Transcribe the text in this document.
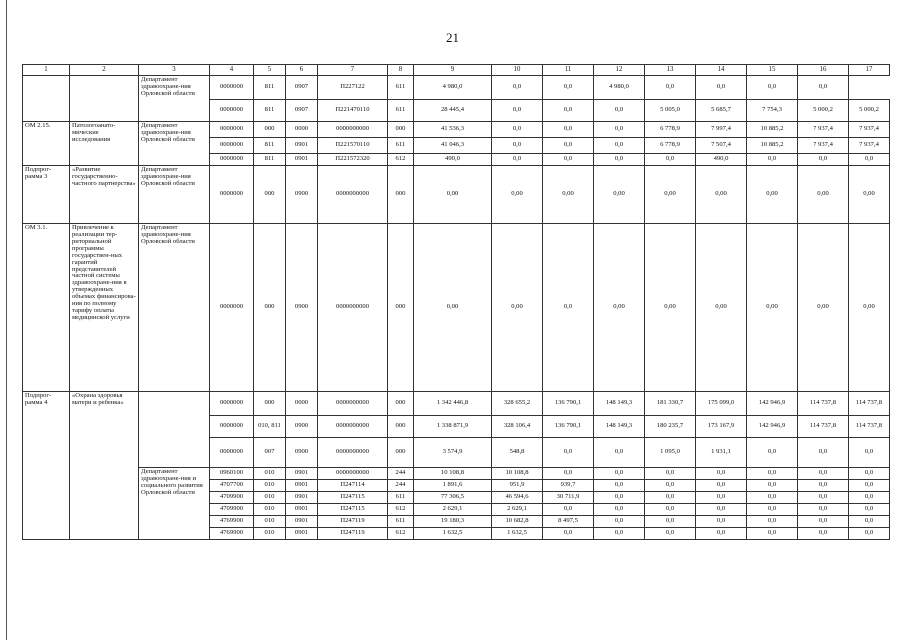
21
1	2	3	4	5	6	7	8	9	10	11	12	13	14	15	16	17
		Департамент здравоохране-ния Орловской области	0000000	811	0907	П227122	611	4 980,0	0,0	0,0	4 980,0	0,0	0,0	0,0	0,0	
			0000000	811	0907	П221470110	611	28 445,4	0,0	0,0	0,0	5 005,0	5 685,7	7 754,3	5 000,2	5 000,2
ОМ 2.15.	Патологоанато-мические исследования	Департамент здравоохране-ния Орловской области	0000000	000	0000	0000000000	000	41 536,3	0,0	0,0	0,0	6 778,9	7 997,4	10 885,2	7 937,4	7 937,4
			0000000	811	0901	П221570110	611	41 046,3	0,0	0,0	0,0	6 778,9	7 507,4	10 885,2	7 937,4	7 937,4
			0000000	811	0901	П221572320	612	490,0	0,0	0,0	0,0	0,0	490,0	0,0	0,0	0,0
Подпрог-рамма 3	«Развитие государственно-частного партнерства»	Департамент здравоохране-ния Орловской области	0000000	000	0900	0000000000	000	0,00	0,00	0,00	0,00	0,00	0,00	0,00	0,00	0,00
ОМ 3.1.	Привлечение к реализации тер-риториальной программы государствен-ных гарантий представителей частной системы здравоохране-ния в утвержденных объемах финансирова-ния по полному тарифу оплаты медицинской услуги	Департамент здравоохране-ния Орловской области	0000000	000	0900	0000000000	000	0,00	0,00	0,0	0,00	0,00	0,00	0,00	0,00	0,00
Подпрог-рамма 4	«Охрана здоровья матери и ребенка»		0000000	000	0000	0000000000	000	1 342 446,8	328 655,2	136 790,1	148 149,3	181 330,7	175 099,0	142 946,9	114 737,8	114 737,8
			0000000	010, 811	0900	0000000000	000	1 338 871,9	328 106,4	136 790,1	148 149,3	180 235,7	173 167,9	142 946,9	114 737,8	114 737,8
			0000000	007	0900	0000000000	000	3 574,9	548,8	0,0	0,0	1 095,0	1 931,1	0,0	0,0	0,0
		Департамент здравоохране-ния и социального развития Орловской области	0960100	010	0901	0000000000	244	10 108,8	10 108,8	0,0	0,0	0,0	0,0	0,0	0,0	0,0
			4707700	010	0901	П247114	244	1 891,6	951,9	939,7	0,0	0,0	0,0	0,0	0,0	0,0
			4709900	010	0901	П247115	611	77 306,5	46 594,6	30 711,9	0,0	0,0	0,0	0,0	0,0	0,0
			4709900	010	0901	П247115	612	2 629,1	2 629,1	0,0	0,0	0,0	0,0	0,0	0,0	0,0
			4769900	010	0901	П247119	611	19 180,3	10 682,8	8 497,5	0,0	0,0	0,0	0,0	0,0	0,0
			4769900	010	0901	П247119	612	1 632,5	1 632,5	0,0	0,0	0,0	0,0	0,0	0,0	0,0
